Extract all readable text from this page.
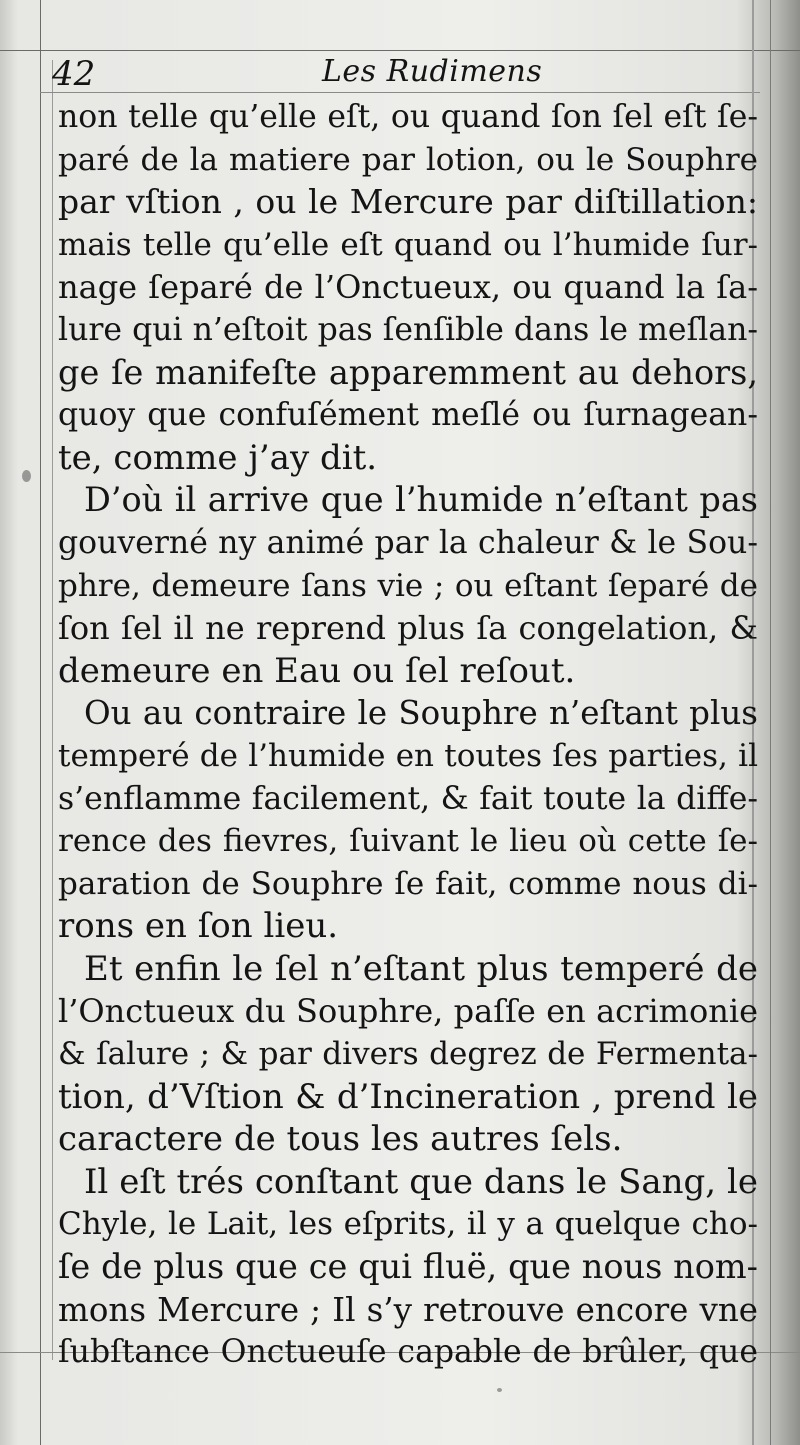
42	Les Rudimens
non telle qu’elle eſt, ou quand ſon ſel eſt ſe-
paré de la matiere par lotion, ou le Souphre
par vſtion , ou le Mercure par diſtillation:
mais telle qu’elle eſt quand ou l’humide ſur-
nage ſeparé de l’Onctueux, ou quand la ſa-
lure qui n’eſtoit pas ſenſible dans le meſlan-
ge ſe manifeſte apparemment au dehors,
quoy que confuſément meſlé ou ſurnagean-
te, comme j’ay dit.
D’où il arrive que l’humide n’eſtant pas
gouverné ny animé par la chaleur & le Sou-
phre, demeure ſans vie ; ou eſtant ſeparé de
ſon ſel il ne reprend plus ſa congelation, &
demeure en Eau ou ſel reſout.
Ou au contraire le Souphre n’eſtant plus
temperé de l’humide en toutes ſes parties, il
s’enflamme facilement, & fait toute la diffe-
rence des fievres, ſuivant le lieu où cette ſe-
paration de Souphre ſe fait, comme nous di-
rons en ſon lieu.
Et enfin le ſel n’eſtant plus temperé de
l’Onctueux du Souphre, paſſe en acrimonie
& ſalure ; & par divers degrez de Fermenta-
tion, d’Vſtion & d’Incineration , prend le
caractere de tous les autres ſels.
Il eſt trés conſtant que dans le Sang, le
Chyle, le Lait, les eſprits, il y a quelque cho-
ſe de plus que ce qui fluë, que nous nom-
mons Mercure ; Il s’y retrouve encore vne
ſubſtance Onctueuſe capable de brûler, que
